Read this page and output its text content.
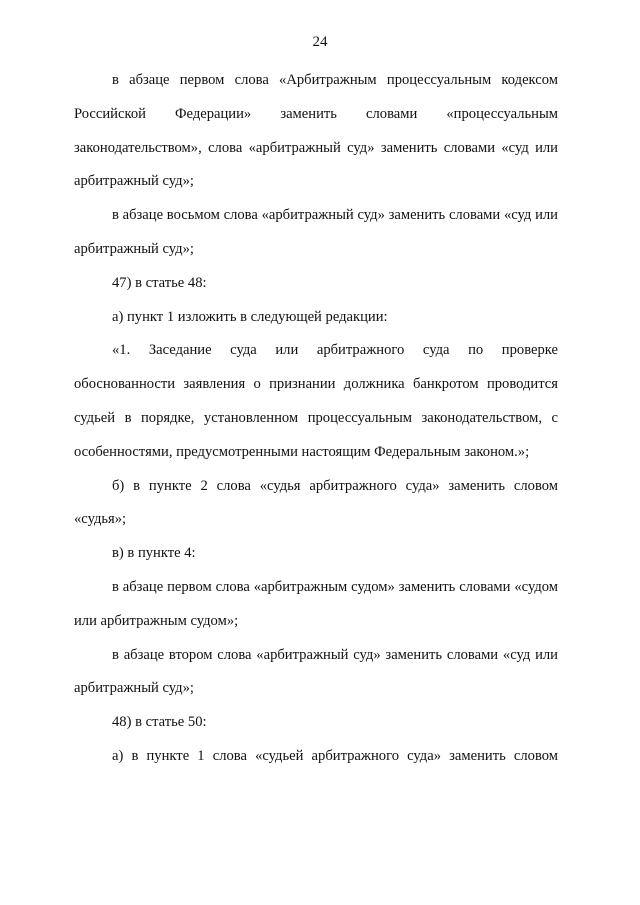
24

в абзаце первом слова «Арбитражным процессуальным кодексом Российской Федерации» заменить словами «процессуальным законодательством», слова «арбитражный суд» заменить словами «суд или арбитражный суд»;

в абзаце восьмом слова «арбитражный суд» заменить словами «суд или арбитражный суд»;

47) в статье 48:

а) пункт 1 изложить в следующей редакции:

«1. Заседание суда или арбитражного суда по проверке обоснованности заявления о признании должника банкротом проводится судьей в порядке, установленном процессуальным законодательством, с особенностями, предусмотренными настоящим Федеральным законом.»;

б) в пункте 2 слова «судья арбитражного суда» заменить словом «судья»;

в) в пункте 4:

в абзаце первом слова «арбитражным судом» заменить словами «судом или арбитражным судом»;

в абзаце втором слова «арбитражный суд» заменить словами «суд или арбитражный суд»;

48) в статье 50:

а) в пункте 1 слова «судьей арбитражного суда» заменить словом
